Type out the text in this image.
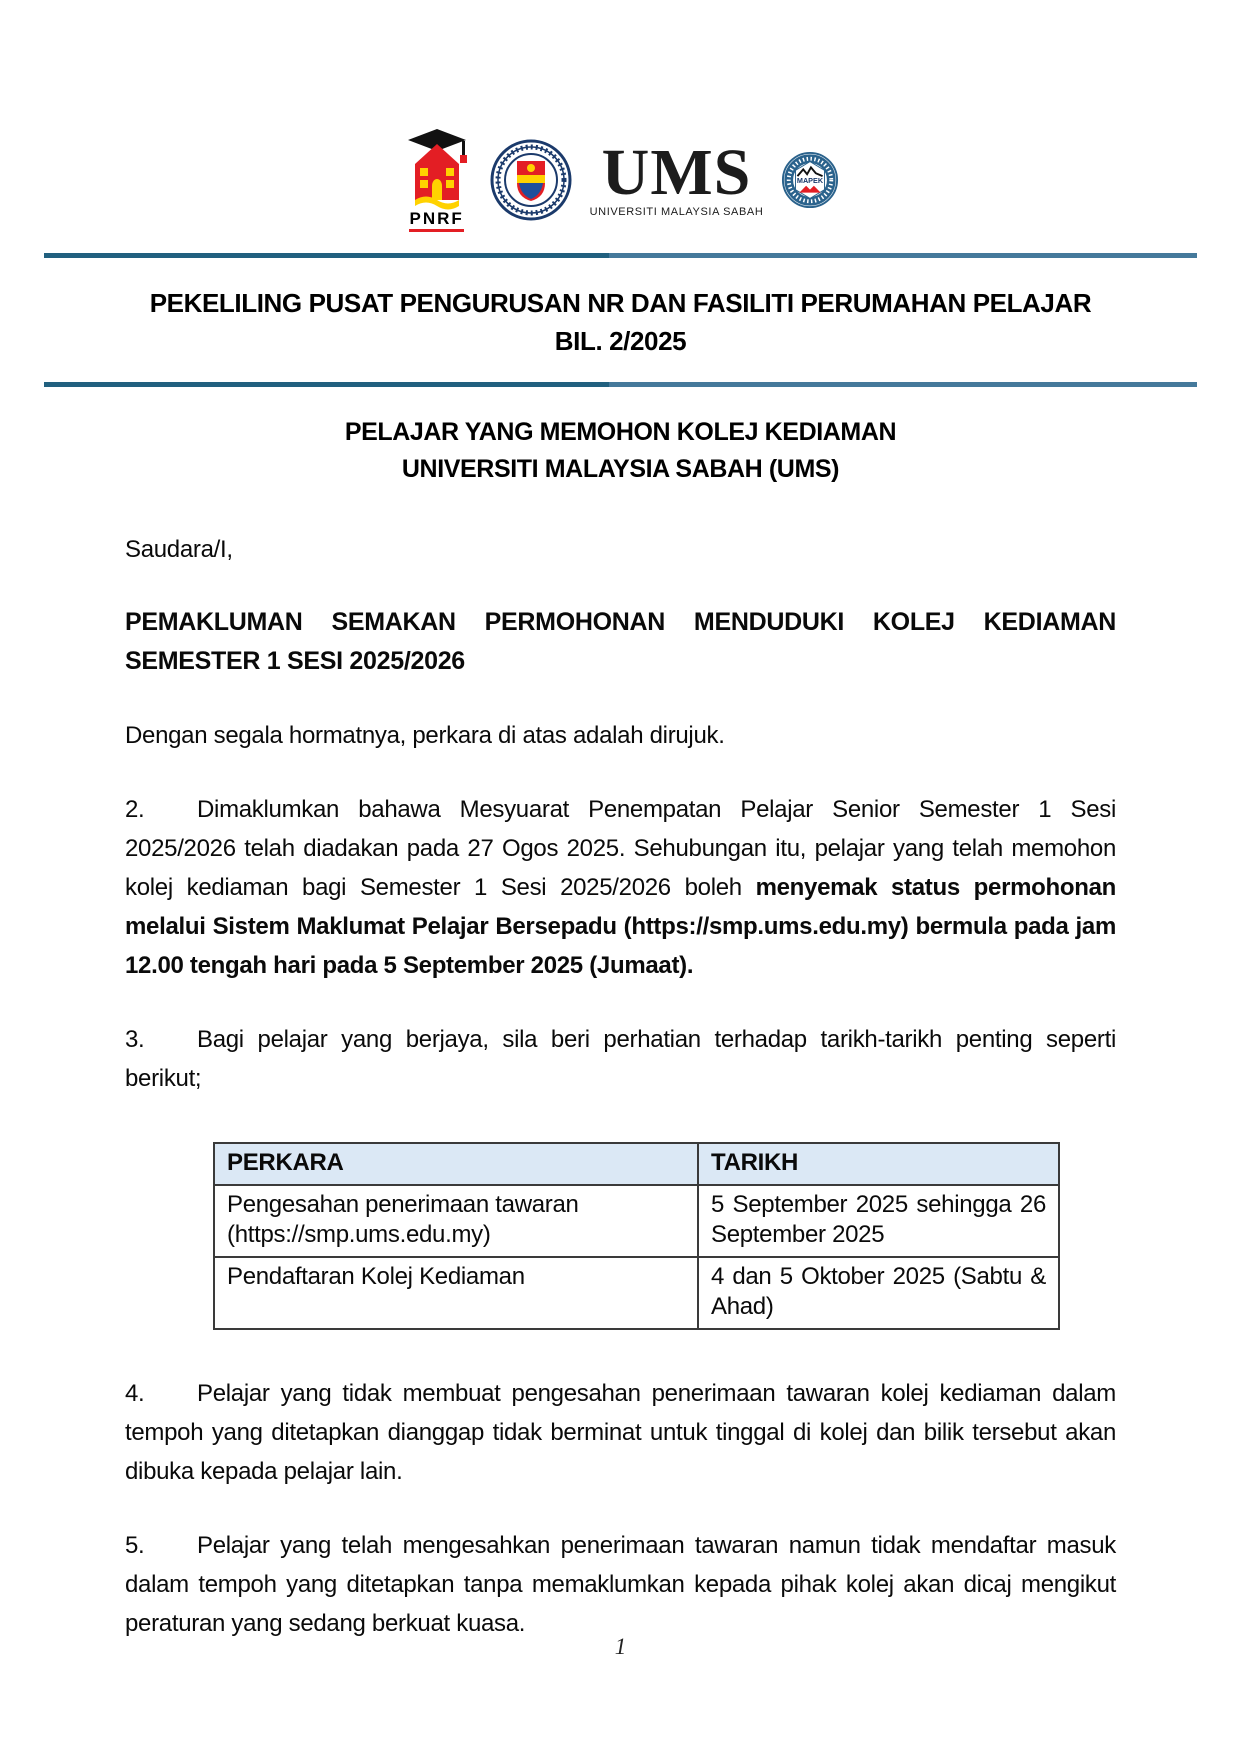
PNRF
UMS
UNIVERSITI MALAYSIA SABAH
MAPEK
PEKELILING PUSAT PENGURUSAN NR DAN FASILITI PERUMAHAN PELAJAR
BIL. 2/2025
PELAJAR YANG MEMOHON KOLEJ KEDIAMAN
UNIVERSITI MALAYSIA SABAH (UMS)

Saudara/I,

PEMAKLUMAN SEMAKAN PERMOHONAN MENDUDUKI KOLEJ KEDIAMAN SEMESTER 1 SESI 2025/2026

Dengan segala hormatnya, perkara di atas adalah dirujuk.

2. Dimaklumkan bahawa Mesyuarat Penempatan Pelajar Senior Semester 1 Sesi 2025/2026 telah diadakan pada 27 Ogos 2025. Sehubungan itu, pelajar yang telah memohon kolej kediaman bagi Semester 1 Sesi 2025/2026 boleh menyemak status permohonan melalui Sistem Maklumat Pelajar Bersepadu (https://smp.ums.edu.my) bermula pada jam 12.00 tengah hari pada 5 September 2025 (Jumaat).

3. Bagi pelajar yang berjaya, sila beri perhatian terhadap tarikh-tarikh penting seperti berikut;

PERKARA	TARIKH
Pengesahan penerimaan tawaran (https://smp.ums.edu.my)	5 September 2025 sehingga 26 September 2025
Pendaftaran Kolej Kediaman	4 dan 5 Oktober 2025 (Sabtu & Ahad)

4. Pelajar yang tidak membuat pengesahan penerimaan tawaran kolej kediaman dalam tempoh yang ditetapkan dianggap tidak berminat untuk tinggal di kolej dan bilik tersebut akan dibuka kepada pelajar lain.

5. Pelajar yang telah mengesahkan penerimaan tawaran namun tidak mendaftar masuk dalam tempoh yang ditetapkan tanpa memaklumkan kepada pihak kolej akan dicaj mengikut peraturan yang sedang berkuat kuasa.

1
